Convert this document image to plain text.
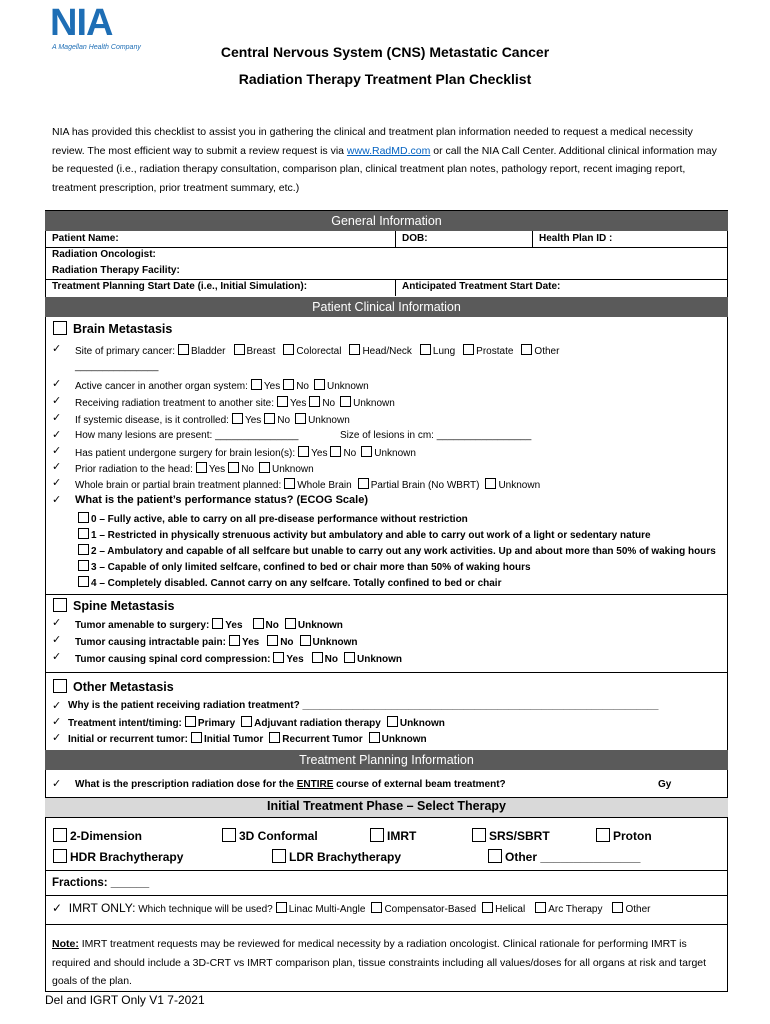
NIA
A Magellan Health Company	Central Nervous System (CNS) Metastatic Cancer
Radiation Therapy Treatment Plan Checklist
NIA has provided this checklist to assist you in gathering the clinical and treatment plan information needed to request a medical necessity review. The most efficient way to submit a review request is via www.RadMD.com or call the NIA Call Center. Additional clinical information may be requested (i.e., radiation therapy consultation, comparison plan, clinical treatment plan notes, pathology report, recent imaging report, treatment prescription, prior treatment summary, etc.)
General Information
Patient Name:	DOB:	Health Plan ID :
Radiation Oncologist:
Radiation Therapy Facility:
Treatment Planning Start Date (i.e., Initial Simulation):	Anticipated Treatment Start Date:
Patient Clinical Information
Brain Metastasis
✓ Site of primary cancer: Bladder Breast Colorectal Head/Neck Lung Prostate Other
_______________
✓ Active cancer in another organ system: Yes No Unknown
✓ Receiving radiation treatment to another site: Yes No Unknown
✓ If systemic disease, is it controlled: Yes No Unknown
✓ How many lesions are present: _______________	Size of lesions in cm: _________________
✓ Has patient undergone surgery for brain lesion(s): Yes No Unknown
✓ Prior radiation to the head: Yes No Unknown
✓ Whole brain or partial brain treatment planned: Whole Brain Partial Brain (No WBRT) Unknown
✓ What is the patient’s performance status? (ECOG Scale)
0 – Fully active, able to carry on all pre-disease performance without restriction
1 – Restricted in physically strenuous activity but ambulatory and able to carry out work of a light or sedentary nature
2 – Ambulatory and capable of all selfcare but unable to carry out any work activities. Up and about more than 50% of waking hours
3 – Capable of only limited selfcare, confined to bed or chair more than 50% of waking hours
4 – Completely disabled. Cannot carry on any selfcare. Totally confined to bed or chair
Spine Metastasis
✓ Tumor amenable to surgery: Yes No Unknown
✓ Tumor causing intractable pain: Yes No Unknown
✓ Tumor causing spinal cord compression: Yes No Unknown
Other Metastasis
✓ Why is the patient receiving radiation treatment? ________________________________________________________________
✓ Treatment intent/timing: Primary Adjuvant radiation therapy Unknown
✓ Initial or recurrent tumor: Initial Tumor Recurrent Tumor Unknown
Treatment Planning Information
✓ What is the prescription radiation dose for the ENTIRE course of external beam treatment?	Gy
Initial Treatment Phase – Select Therapy
2-Dimension	3D Conformal	IMRT	SRS/SBRT	Proton
HDR Brachytherapy	LDR Brachytherapy	Other _______________
Fractions: ______
✓  IMRT ONLY: Which technique will be used? Linac Multi-Angle Compensator-Based Helical Arc Therapy Other
Note: IMRT treatment requests may be reviewed for medical necessity by a radiation oncologist. Clinical rationale for performing IMRT is required and should include a 3D-CRT vs IMRT comparison plan, tissue constraints including all values/doses for all organs at risk and target goals of the plan.
Del and IGRT Only V1 7-2021
